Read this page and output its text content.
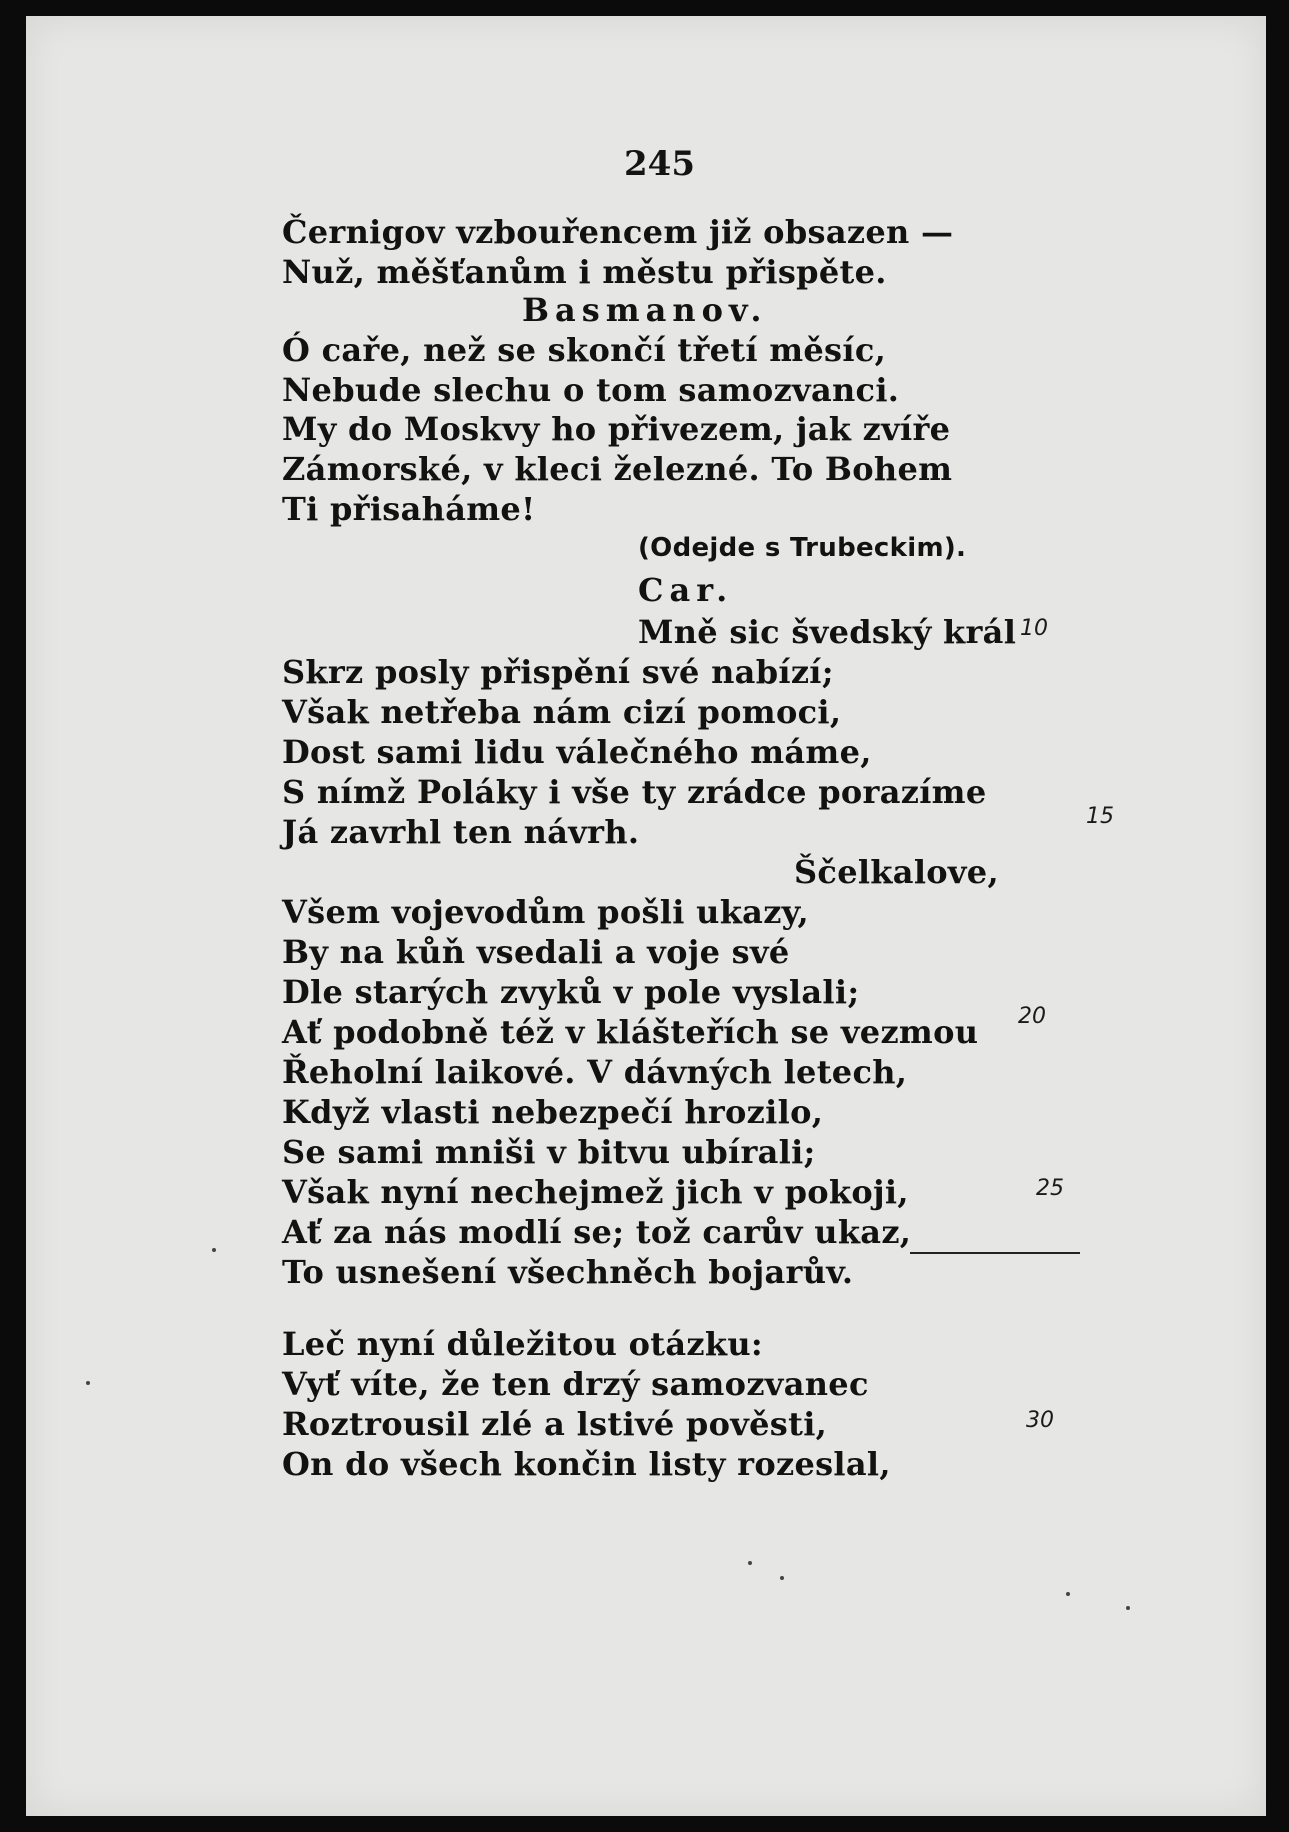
245
Černigov vzbouřencem již obsazen —
Nuž, měšťanům i městu přispěte.
Basmanov.
Ó caře, než se skončí třetí měsíc,
Nebude slechu o tom samozvanci.
My do Moskvy ho přivezem, jak zvíře
Zámorské, v kleci železné. To Bohem
Ti přisaháme!
(Odejde s Trubeckim).
Car.
Mně sic švedský král
Skrz posly přispění své nabízí;
Však netřeba nám cizí pomoci,
Dost sami lidu válečného máme,
S nímž Poláky i vše ty zrádce porazíme
Já zavrhl ten návrh.
Ščelkalove,
Všem vojevodům pošli ukazy,
By na kůň vsedali a voje své
Dle starých zvyků v pole vyslali;
Ať podobně též v klášteřích se vezmou
Řeholní laikové. V dávných letech,
Když vlasti nebezpečí hrozilo,
Se sami mniši v bitvu ubírali;
Však nyní nechejmež jich v pokoji,
Ať za nás modlí se; tož carův ukaz,
To usnešení všechněch bojarův.
Leč nyní důležitou otázku:
Vyť víte, že ten drzý samozvanec
Roztrousil zlé a lstivé pověsti,
On do všech končin listy rozeslal,
10
15
20
25
30
